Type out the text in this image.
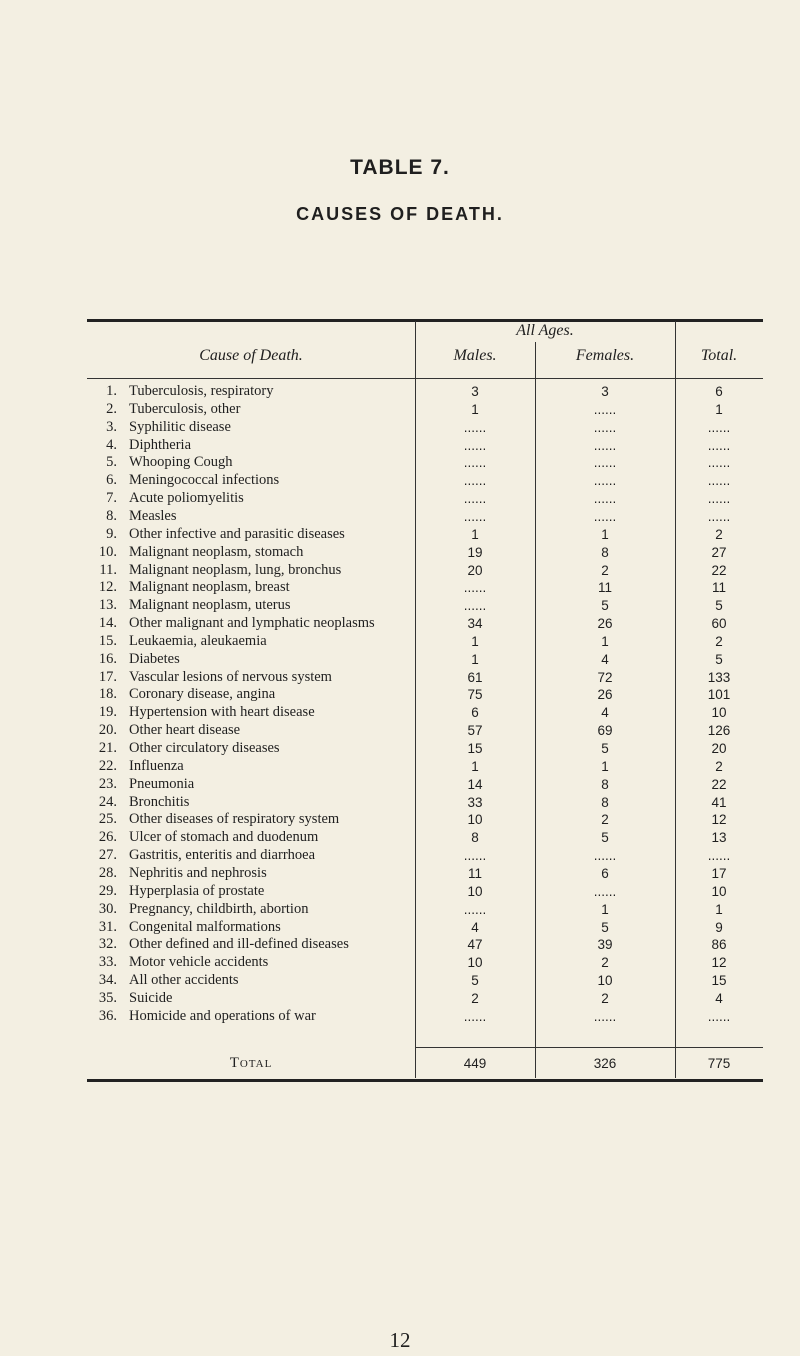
TABLE 7.
CAUSES OF DEATH.
Cause of Death.
All Ages.
Males.	Females.	Total.
1. Tuberculosis, respiratory	3	3	6
2. Tuberculosis, other	1	......	1
3. Syphilitic disease	......	......	......
4. Diphtheria	......	......	......
5. Whooping Cough	......	......	......
6. Meningococcal infections	......	......	......
7. Acute poliomyelitis	......	......	......
8. Measles	......	......	......
9. Other infective and parasitic diseases	1	1	2
10. Malignant neoplasm, stomach	19	8	27
11. Malignant neoplasm, lung, bronchus	20	2	22
12. Malignant neoplasm, breast	......	11	11
13. Malignant neoplasm, uterus	......	5	5
14. Other malignant and lymphatic neoplasms	34	26	60
15. Leukaemia, aleukaemia	1	1	2
16. Diabetes	1	4	5
17. Vascular lesions of nervous system	61	72	133
18. Coronary disease, angina	75	26	101
19. Hypertension with heart disease	6	4	10
20. Other heart disease	57	69	126
21. Other circulatory diseases	15	5	20
22. Influenza	1	1	2
23. Pneumonia	14	8	22
24. Bronchitis	33	8	41
25. Other diseases of respiratory system	10	2	12
26. Ulcer of stomach and duodenum	8	5	13
27. Gastritis, enteritis and diarrhoea	......	......	......
28. Nephritis and nephrosis	11	6	17
29. Hyperplasia of prostate	10	......	10
30. Pregnancy, childbirth, abortion	......	1	1
31. Congenital malformations	4	5	9
32. Other defined and ill-defined diseases	47	39	86
33. Motor vehicle accidents	10	2	12
34. All other accidents	5	10	15
35. Suicide	2	2	4
36. Homicide and operations of war	......	......	......
Total	449	326	775
12
